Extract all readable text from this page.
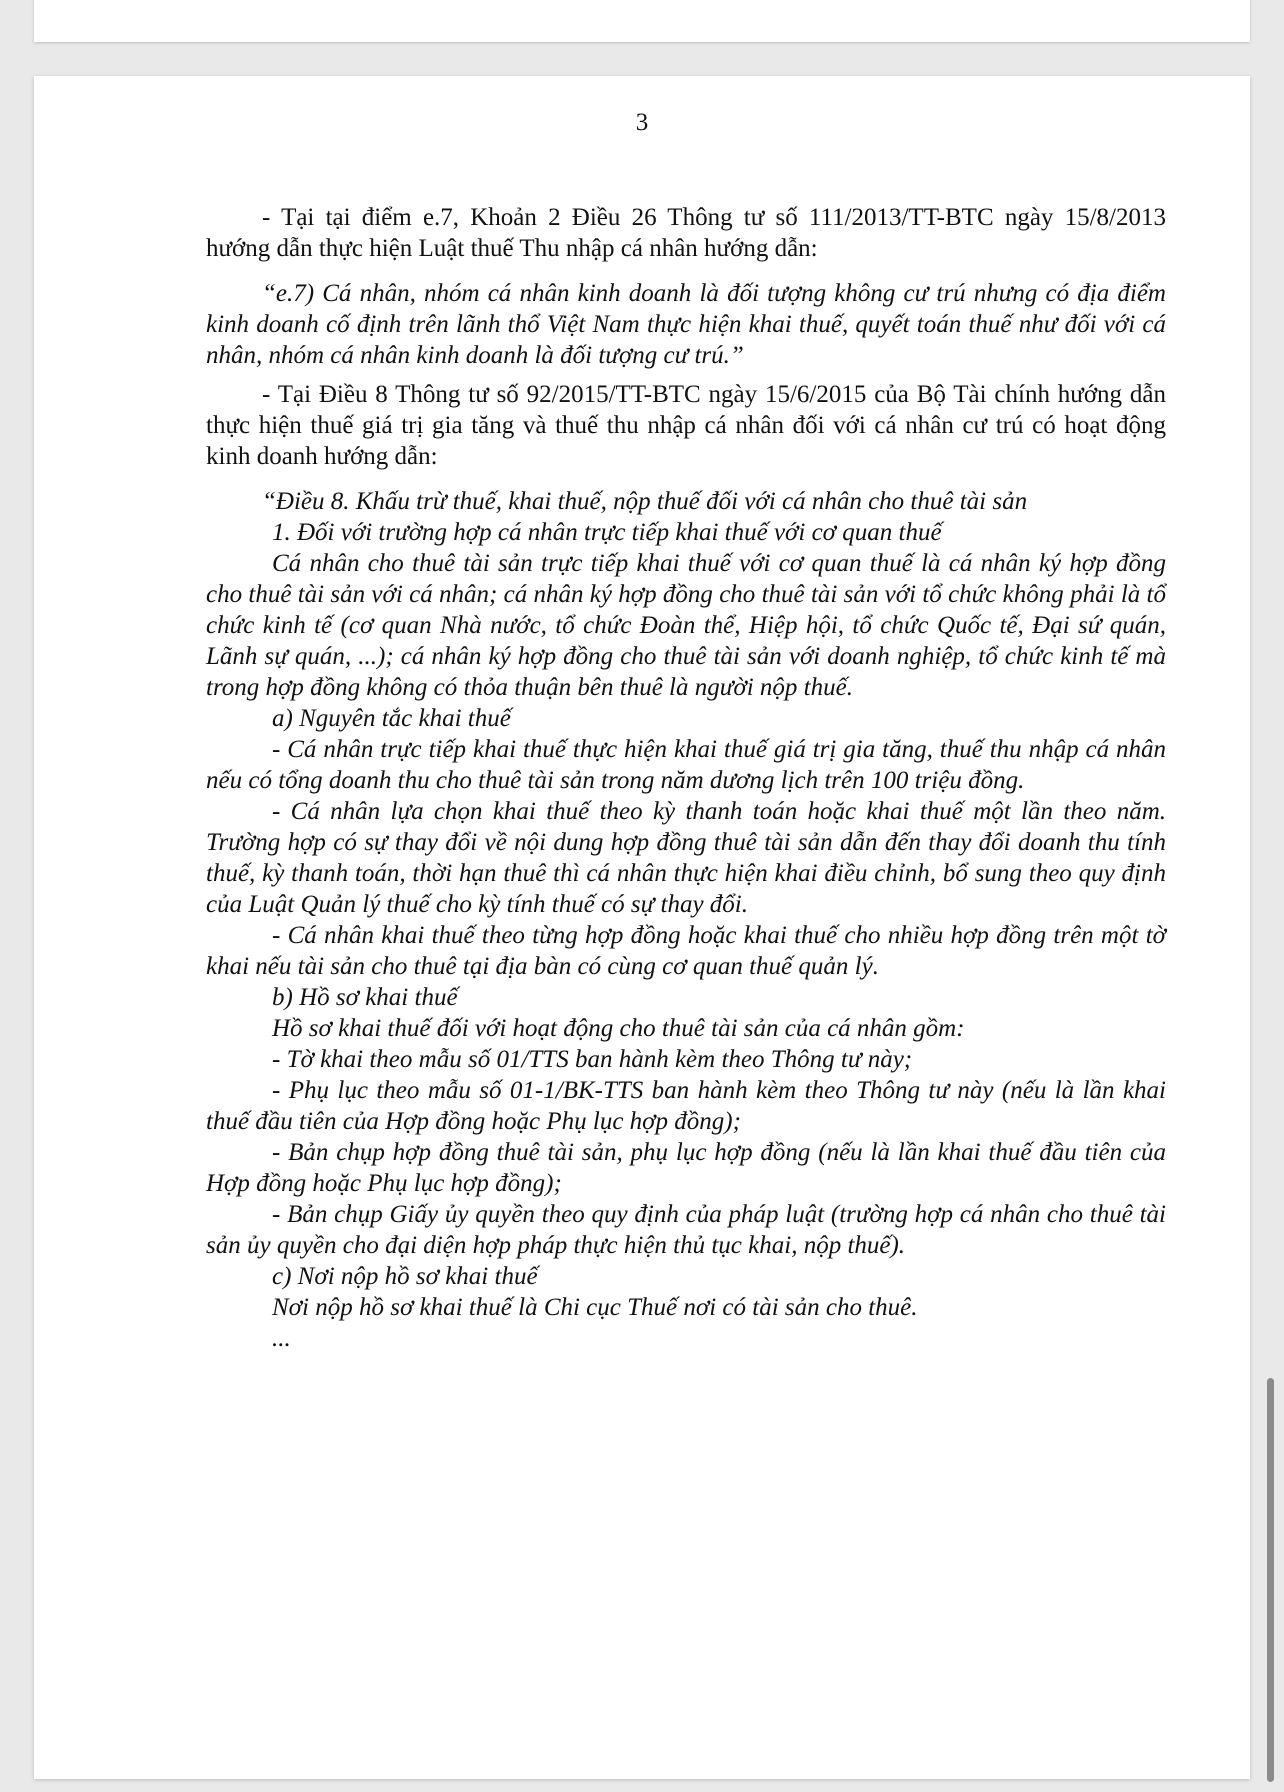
3

- Tại tại điểm e.7, Khoản 2 Điều 26 Thông tư số 111/2013/TT-BTC ngày 15/8/2013 hướng dẫn thực hiện Luật thuế Thu nhập cá nhân hướng dẫn:

“e.7) Cá nhân, nhóm cá nhân kinh doanh là đối tượng không cư trú nhưng có địa điểm kinh doanh cố định trên lãnh thổ Việt Nam thực hiện khai thuế, quyết toán thuế như đối với cá nhân, nhóm cá nhân kinh doanh là đối tượng cư trú.”

- Tại Điều 8 Thông tư số 92/2015/TT-BTC ngày 15/6/2015 của Bộ Tài chính hướng dẫn thực hiện thuế giá trị gia tăng và thuế thu nhập cá nhân đối với cá nhân cư trú có hoạt động kinh doanh hướng dẫn:

“Điều 8. Khấu trừ thuế, khai thuế, nộp thuế đối với cá nhân cho thuê tài sản

1. Đối với trường hợp cá nhân trực tiếp khai thuế với cơ quan thuế

Cá nhân cho thuê tài sản trực tiếp khai thuế với cơ quan thuế là cá nhân ký hợp đồng cho thuê tài sản với cá nhân; cá nhân ký hợp đồng cho thuê tài sản với tổ chức không phải là tổ chức kinh tế (cơ quan Nhà nước, tổ chức Đoàn thể, Hiệp hội, tổ chức Quốc tế, Đại sứ quán, Lãnh sự quán, ...); cá nhân ký hợp đồng cho thuê tài sản với doanh nghiệp, tổ chức kinh tế mà trong hợp đồng không có thỏa thuận bên thuê là người nộp thuế.

a) Nguyên tắc khai thuế

- Cá nhân trực tiếp khai thuế thực hiện khai thuế giá trị gia tăng, thuế thu nhập cá nhân nếu có tổng doanh thu cho thuê tài sản trong năm dương lịch trên 100 triệu đồng.

- Cá nhân lựa chọn khai thuế theo kỳ thanh toán hoặc khai thuế một lần theo năm. Trường hợp có sự thay đổi về nội dung hợp đồng thuê tài sản dẫn đến thay đổi doanh thu tính thuế, kỳ thanh toán, thời hạn thuê thì cá nhân thực hiện khai điều chỉnh, bổ sung theo quy định của Luật Quản lý thuế cho kỳ tính thuế có sự thay đổi.

- Cá nhân khai thuế theo từng hợp đồng hoặc khai thuế cho nhiều hợp đồng trên một tờ khai nếu tài sản cho thuê tại địa bàn có cùng cơ quan thuế quản lý.

b) Hồ sơ khai thuế

Hồ sơ khai thuế đối với hoạt động cho thuê tài sản của cá nhân gồm:

- Tờ khai theo mẫu số 01/TTS ban hành kèm theo Thông tư này;

- Phụ lục theo mẫu số 01-1/BK-TTS ban hành kèm theo Thông tư này (nếu là lần khai thuế đầu tiên của Hợp đồng hoặc Phụ lục hợp đồng);

- Bản chụp hợp đồng thuê tài sản, phụ lục hợp đồng (nếu là lần khai thuế đầu tiên của Hợp đồng hoặc Phụ lục hợp đồng);

- Bản chụp Giấy ủy quyền theo quy định của pháp luật (trường hợp cá nhân cho thuê tài sản ủy quyền cho đại diện hợp pháp thực hiện thủ tục khai, nộp thuế).

c) Nơi nộp hồ sơ khai thuế

Nơi nộp hồ sơ khai thuế là Chi cục Thuế nơi có tài sản cho thuê.

...
